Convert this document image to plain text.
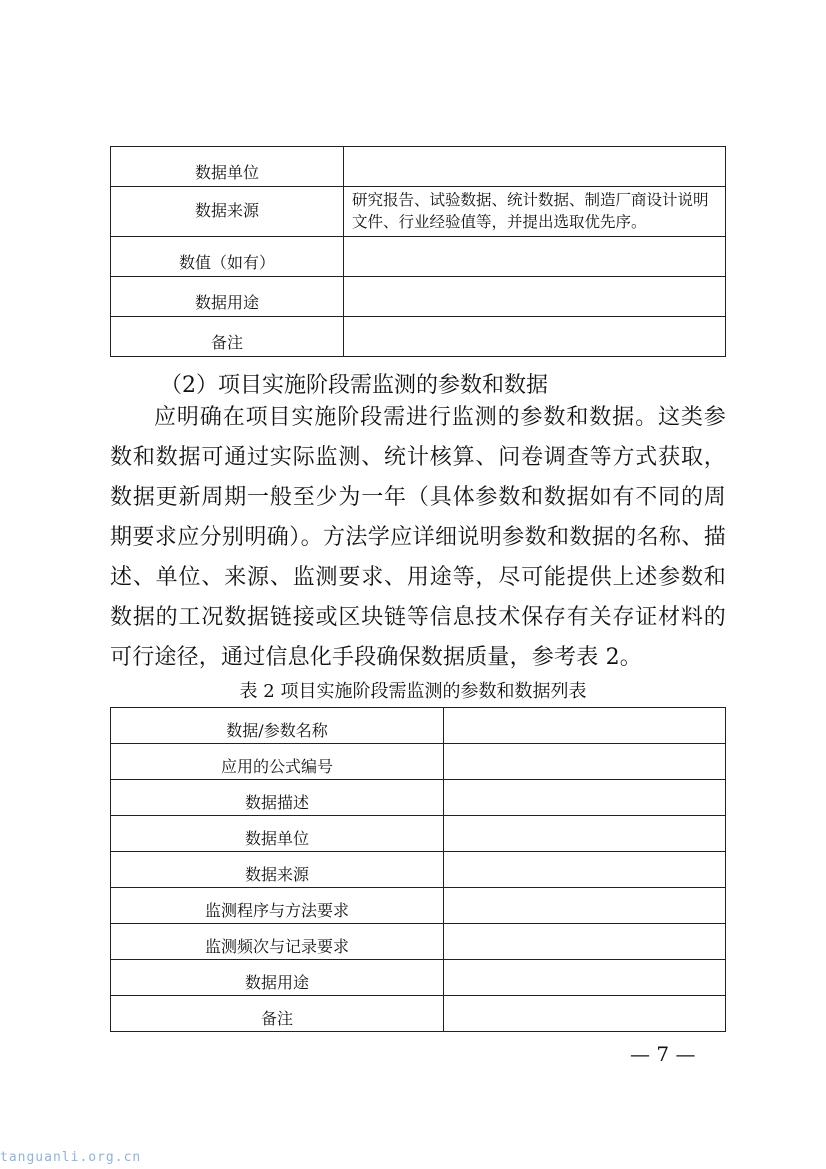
数据单位	
数据来源	研究报告、试验数据、统计数据、制造厂商设计说明文件、行业经验值等，并提出选取优先序。
数值（如有）	
数据用途	
备注	

（2）项目实施阶段需监测的参数和数据

应明确在项目实施阶段需进行监测的参数和数据。这类参数和数据可通过实际监测、统计核算、问卷调查等方式获取，数据更新周期一般至少为一年（具体参数和数据如有不同的周期要求应分别明确）。方法学应详细说明参数和数据的名称、描述、单位、来源、监测要求、用途等，尽可能提供上述参数和数据的工况数据链接或区块链等信息技术保存有关存证材料的可行途径，通过信息化手段确保数据质量，参考表 2。

表 2 项目实施阶段需监测的参数和数据列表
数据/参数名称	
应用的公式编号	
数据描述	
数据单位	
数据来源	
监测程序与方法要求	
监测频次与记录要求	
数据用途	
备注	
— 7 —
tanguanli.org.cn
